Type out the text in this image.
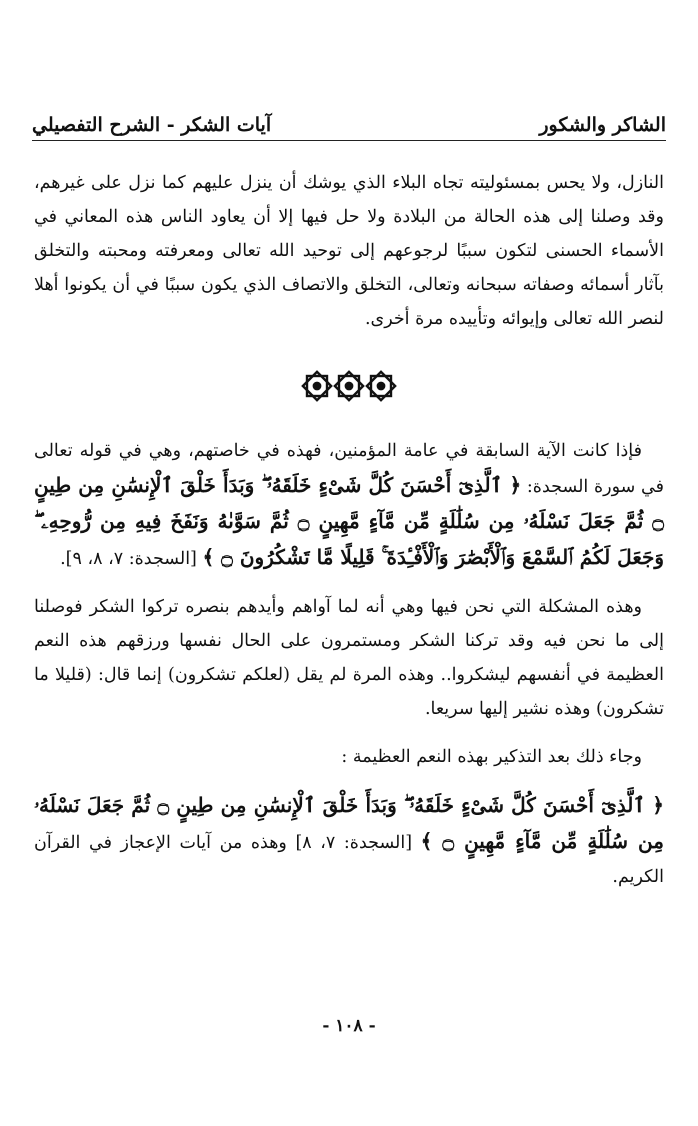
الشاكر والشكور
آيات الشكر - الشرح التفصيلي

النازل، ولا يحس بمسئوليته تجاه البلاء الذي يوشك أن ينزل عليهم كما نزل على غيرهم، وقد وصلنا إلى هذه الحالة من البلادة ولا حل فيها إلا أن يعاود الناس هذه المعاني في الأسماء الحسنى لتكون سببًا لرجوعهم إلى توحيد الله تعالى ومعرفته ومحبته والتخلق بآثار أسمائه وصفاته سبحانه وتعالى، التخلق والاتصاف الذي يكون سببًا في أن يكونوا أهلا لنصر الله تعالى وإيوائه وتأييده مرة أخرى.

فإذا كانت الآية السابقة في عامة المؤمنين، فهذه في خاصتهم، وهي في قوله تعالى في سورة السجدة: ﴿ ٱلَّذِىٓ أَحْسَنَ كُلَّ شَىْءٍ خَلَقَهُۥ ۖ وَبَدَأَ خَلْقَ ٱلْإِنسَٰنِ مِن طِينٍ ۝ ثُمَّ جَعَلَ نَسْلَهُۥ مِن سُلَٰلَةٍ مِّن مَّآءٍ مَّهِينٍ ۝ ثُمَّ سَوَّىٰهُ وَنَفَخَ فِيهِ مِن رُّوحِهِۦ ۖ وَجَعَلَ لَكُمُ ٱلسَّمْعَ وَٱلْأَبْصَٰرَ وَٱلْأَفْـِٔدَةَ ۚ قَلِيلًا مَّا تَشْكُرُونَ ۝ ﴾ [السجدة: ٧، ٨، ٩].

وهذه المشكلة التي نحن فيها وهي أنه لما آواهم وأيدهم بنصره تركوا الشكر فوصلنا إلى ما نحن فيه وقد تركنا الشكر ومستمرون على الحال نفسها ورزقهم هذه النعم العظيمة في أنفسهم ليشكروا.. وهذه المرة لم يقل (لعلكم تشكرون) إنما قال: (قليلا ما تشكرون) وهذه نشير إليها سريعا.

وجاء ذلك بعد التذكير بهذه النعم العظيمة :

﴿ ٱلَّذِىٓ أَحْسَنَ كُلَّ شَىْءٍ خَلَقَهُۥ ۖ وَبَدَأَ خَلْقَ ٱلْإِنسَٰنِ مِن طِينٍ ۝ ثُمَّ جَعَلَ نَسْلَهُۥ مِن سُلَٰلَةٍ مِّن مَّآءٍ مَّهِينٍ ۝ ﴾ [السجدة: ٧، ٨] وهذه من آيات الإعجاز في القرآن الكريم.

- ١٠٨ -
